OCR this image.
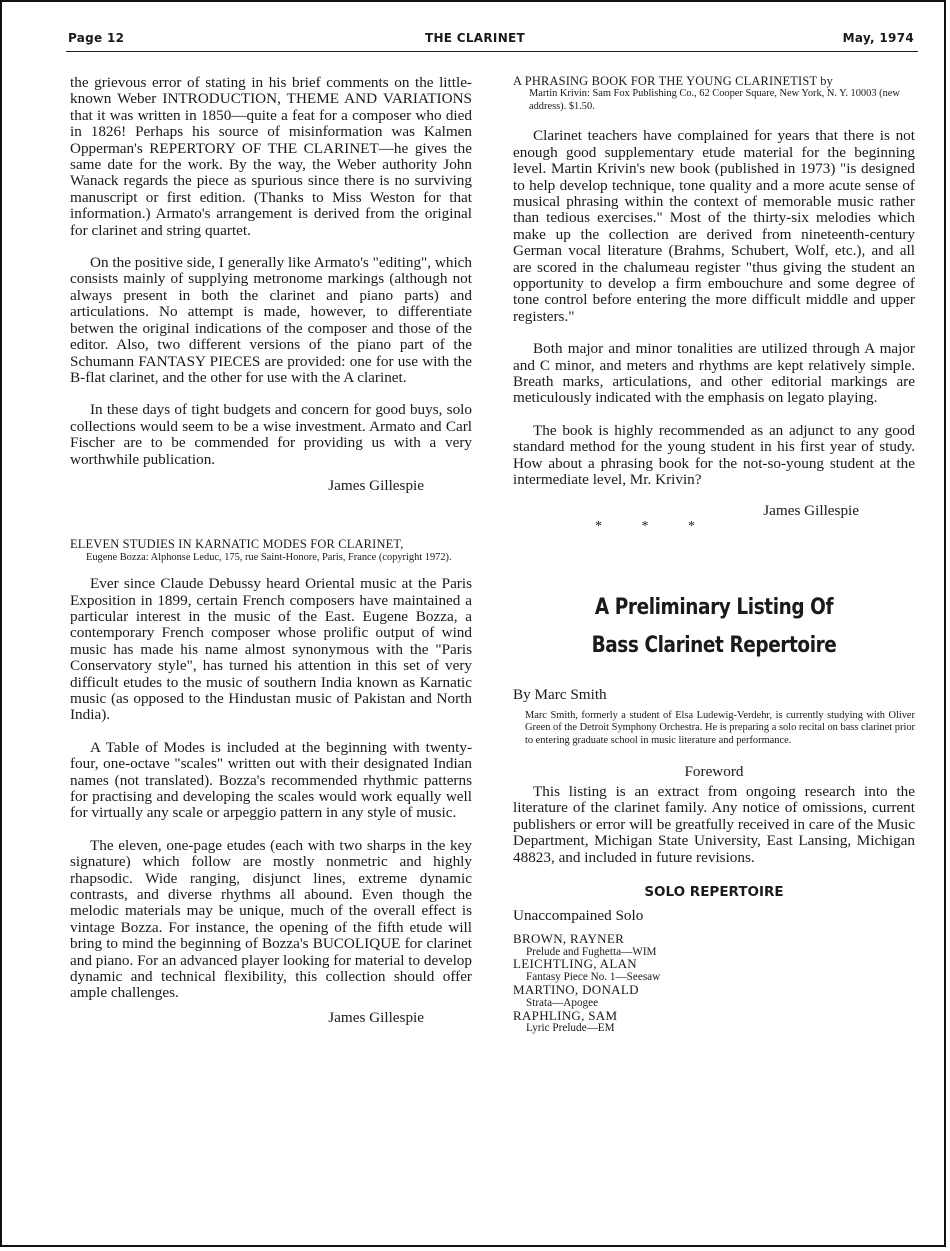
Page 12	THE CLARINET	May, 1974

the grievous error of stating in his brief comments on the little-known Weber INTRODUCTION, THEME AND VARIATIONS that it was written in 1850—quite a feat for a composer who died in 1826! Perhaps his source of misinformation was Kalmen Opperman's REPERTORY OF THE CLARINET—he gives the same date for the work. By the way, the Weber authority John Wanack regards the piece as spurious since there is no surviving manuscript or first edition. (Thanks to Miss Weston for that information.) Armato's arrangement is derived from the original for clarinet and string quartet.

On the positive side, I generally like Armato's "editing", which consists mainly of supplying metronome markings (although not always present in both the clarinet and piano parts) and articulations. No attempt is made, however, to differentiate betwen the original indications of the composer and those of the editor. Also, two different versions of the piano part of the Schumann FANTASY PIECES are provided: one for use with the B-flat clarinet, and the other for use with the A clarinet.

In these days of tight budgets and concern for good buys, solo collections would seem to be a wise investment. Armato and Carl Fischer are to be commended for providing us with a very worthwhile publication.

James Gillespie

ELEVEN STUDIES IN KARNATIC MODES FOR CLARINET,

Eugene Bozza: Alphonse Leduc, 175, rue Saint-Honore, Paris, France (copyright 1972).

Ever since Claude Debussy heard Oriental music at the Paris Exposition in 1899, certain French composers have maintained a particular interest in the music of the East. Eugene Bozza, a contemporary French composer whose prolific output of wind music has made his name almost synonymous with the "Paris Conservatory style", has turned his attention in this set of very difficult etudes to the music of southern India known as Karnatic music (as opposed to the Hindustan music of Pakistan and North India).

A Table of Modes is included at the beginning with twenty-four, one-octave "scales" written out with their designated Indian names (not translated). Bozza's recommended rhythmic patterns for practising and developing the scales would work equally well for virtually any scale or arpeggio pattern in any style of music.

The eleven, one-page etudes (each with two sharps in the key signature) which follow are mostly nonmetric and highly rhapsodic. Wide ranging, disjunct lines, extreme dynamic contrasts, and diverse rhythms all abound. Even though the melodic materials may be unique, much of the overall effect is vintage Bozza. For instance, the opening of the fifth etude will bring to mind the beginning of Bozza's BUCOLIQUE for clarinet and piano. For an advanced player looking for material to develop dynamic and technical flexibility, this collection should offer ample challenges.

James Gillespie

A PHRASING BOOK FOR THE YOUNG CLARINETIST by

Martin Krivin: Sam Fox Publishing Co., 62 Cooper Square, New York, N. Y. 10003 (new address). $1.50.

Clarinet teachers have complained for years that there is not enough good supplementary etude material for the beginning level. Martin Krivin's new book (published in 1973) "is designed to help develop technique, tone quality and a more acute sense of musical phrasing within the context of memorable music rather than tedious exercises." Most of the thirty-six melodies which make up the collection are derived from nineteenth-century German vocal literature (Brahms, Schubert, Wolf, etc.), and all are scored in the chalumeau register "thus giving the student an opportunity to develop a firm embouchure and some degree of tone control before entering the more difficult middle and upper registers."

Both major and minor tonalities are utilized through A major and C minor, and meters and rhythms are kept relatively simple. Breath marks, articulations, and other editorial markings are meticulously indicated with the emphasis on legato playing.

The book is highly recommended as an adjunct to any good standard method for the young student in his first year of study. How about a phrasing book for the not-so-young student at the intermediate level, Mr. Krivin?

James Gillespie
* * *
A Preliminary Listing Of
Bass Clarinet Repertoire

By Marc Smith

Marc Smith, formerly a student of Elsa Ludewig-Verdehr, is currently studying with Oliver Green of the Detroit Symphony Orchestra. He is preparing a solo recital on bass clarinet prior to entering graduate school in music literature and performance.

Foreword

This listing is an extract from ongoing research into the literature of the clarinet family. Any notice of omissions, current publishers or error will be greatfully received in care of the Music Department, Michigan State University, East Lansing, Michigan 48823, and included in future revisions.

SOLO REPERTOIRE

Unaccompained Solo

BROWN, RAYNER
Prelude and Fughetta—WIM
LEICHTLING, ALAN
Fantasy Piece No. 1—Seesaw
MARTINO, DONALD
Strata—Apogee
RAPHLING, SAM
Lyric Prelude—EM
